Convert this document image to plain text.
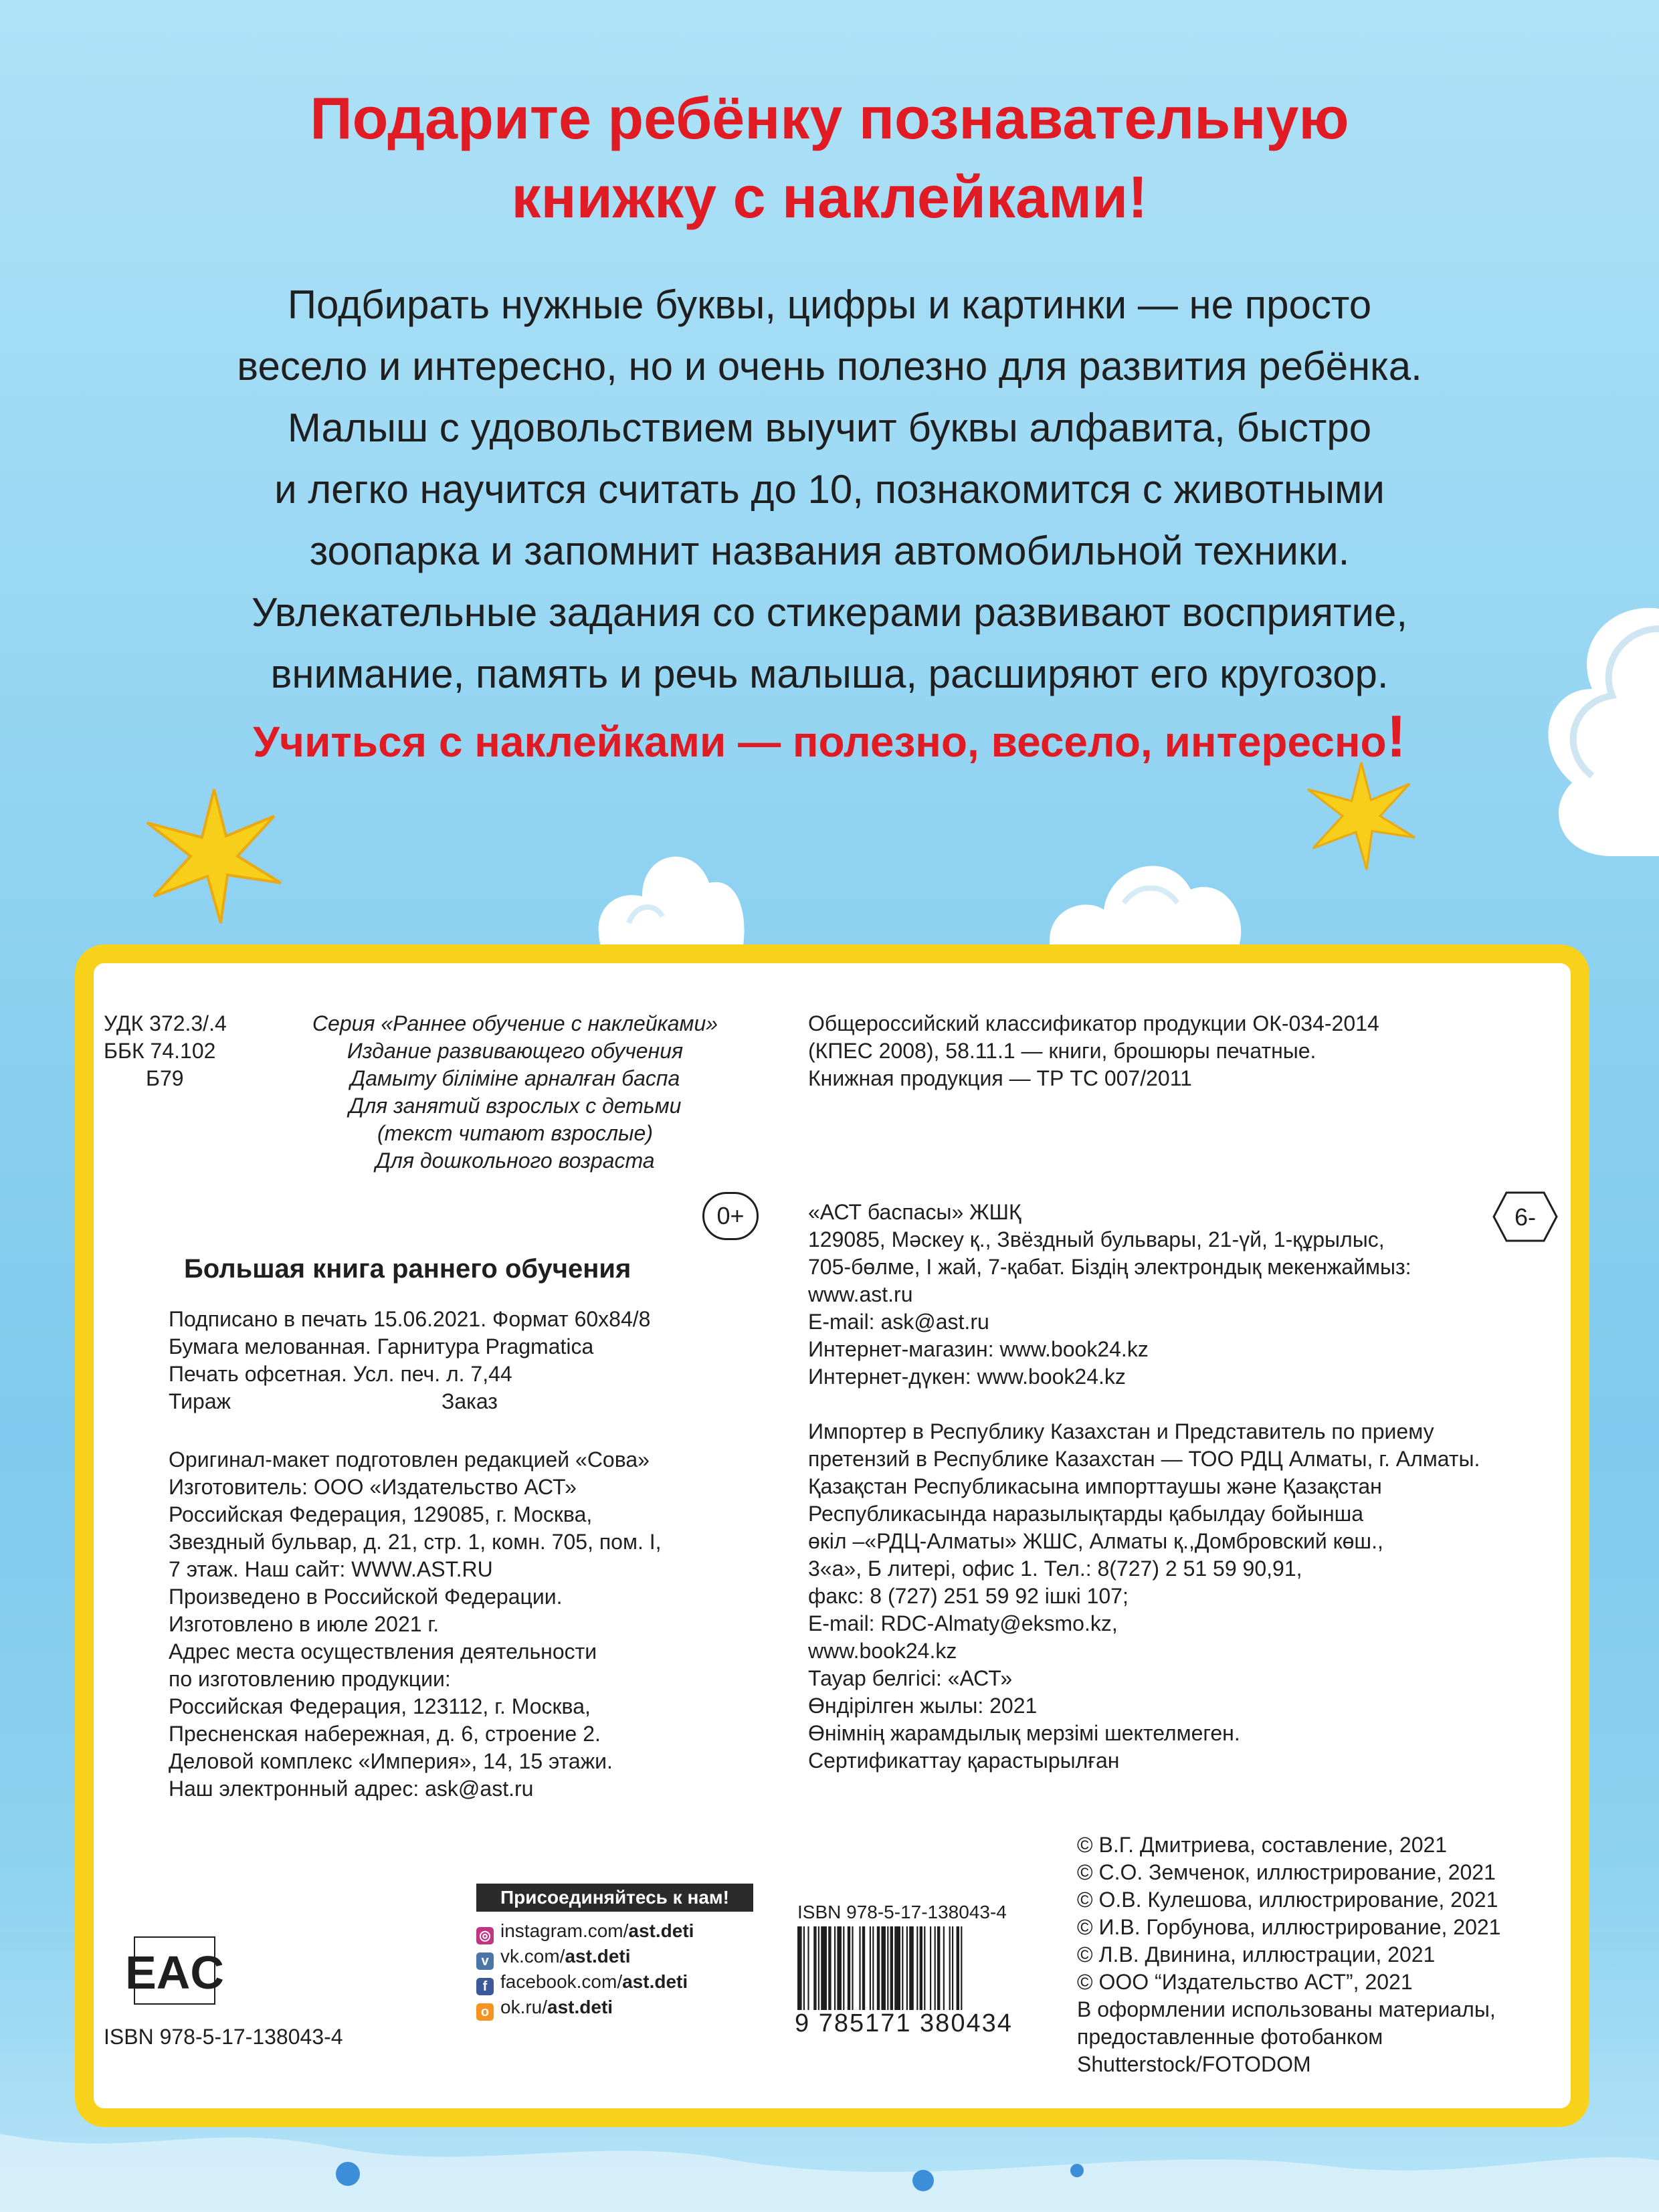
Подарите ребёнку познавательную
книжку с наклейками!
Подбирать нужные буквы, цифры и картинки — не просто
весело и интересно, но и очень полезно для развития ребёнка.
Малыш с удовольствием выучит буквы алфавита, быстро
и легко научится считать до 10, познакомится с животными
зоопарка и запомнит названия автомобильной техники.
Увлекательные задания со стикерами развивают восприятие,
внимание, память и речь малыша, расширяют его кругозор.
Учиться с наклейками — полезно, весело, интересно!
УДК 372.3/.4
ББК 74.102
Б79
Серия «Раннее обучение с наклейками»
Издание развивающего обучения
Дамыту біліміне арналған баспа
Для занятий взрослых с детьми
(текст читают взрослые)
Для дошкольного возраста
Общероссийский классификатор продукции ОК-034-2014
(КПЕС 2008), 58.11.1 — книги, брошюры печатные.
Книжная продукция — ТР ТС 007/2011
0+	6-
Большая книга раннего обучения
Подписано в печать 15.06.2021. Формат 60x84/8
Бумага мелованная. Гарнитура Pragmatica
Печать офсетная. Усл. печ. л. 7,44
Тираж	Заказ
Оригинал-макет подготовлен редакцией «Сова»
Изготовитель: ООО «Издательство АСТ»
Российская Федерация, 129085, г. Москва,
Звездный бульвар, д. 21, стр. 1, комн. 705, пом. I,
7 этаж. Наш сайт: WWW.AST.RU
Произведено в Российской Федерации.
Изготовлено в июле 2021 г.
Адрес места осуществления деятельности
по изготовлению продукции:
Российская Федерация, 123112, г. Москва,
Пресненская набережная, д. 6, строение 2.
Деловой комплекс «Империя», 14, 15 этажи.
Наш электронный адрес: ask@ast.ru
«АСТ баспасы» ЖШҚ
129085, Мәскеу қ., Звёздный бульвары, 21-үй, 1-құрылыс,
705-бөлме, I жай, 7-қабат. Біздің электрондық мекенжаймыз:
www.ast.ru
E-mail: ask@ast.ru
Интернет-магазин: www.book24.kz
Интернет-дүкен: www.book24.kz
Импортер в Республику Казахстан и Представитель по приему
претензий в Республике Казахстан — ТОО РДЦ Алматы, г. Алматы.
Қазақстан Республикасына импорттаушы және Қазақстан
Республикасында наразылықтарды қабылдау бойынша
өкіл –«РДЦ-Алматы» ЖШС, Алматы қ.,Домбровский көш.,
3«а», Б литері, офис 1. Тел.: 8(727) 2 51 59 90,91,
факс: 8 (727) 251 59 92 ішкі 107;
E-mail: RDC-Almaty@eksmo.kz,
www.book24.kz
Тауар белгісі: «АСТ»
Өндірілген жылы: 2021
Өнімнің жарамдылық мерзімі шектелмеген.
Сертификаттау қарастырылған
© В.Г. Дмитриева, составление, 2021
© С.О. Земченок, иллюстрирование, 2021
© О.В. Кулешова, иллюстрирование, 2021
© И.В. Горбунова, иллюстрирование, 2021
© Л.В. Двинина, иллюстрации, 2021
© ООО “Издательство АСТ”, 2021
В оформлении использованы материалы,
предоставленные фотобанком
Shutterstock/FOTODOM
EAC
ISBN 978-5-17-138043-4
Присоединяйтесь к нам!
◎ instagram.com/ast.deti
v vk.com/ast.deti
f facebook.com/ast.deti
o ok.ru/ast.deti
ISBN 978-5-17-138043-4
9 785171 380434
